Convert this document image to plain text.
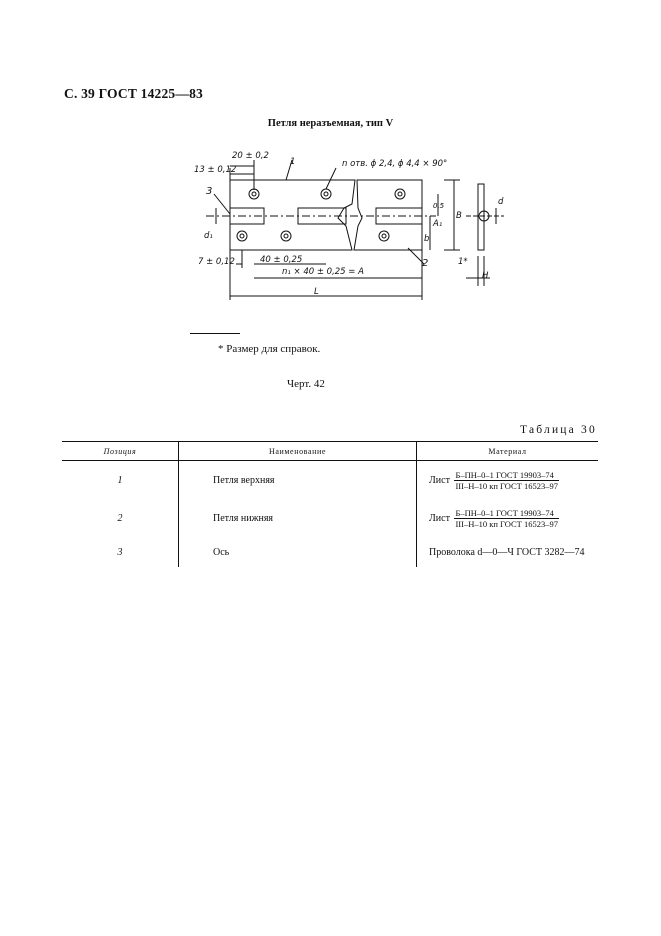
С. 39 ГОСТ 14225—83
Петля неразъемная, тип V
20 ± 0,2
13 ± 0,12
1	n отв. ϕ 2,4, ϕ 4,4 × 90°
3
d₁
0,5
A₁
B
b
d
7 ± 0,12	40 ± 0,25	2	1*
H
n₁ × 40 ± 0,25 = A
L
* Размер для справок.
Черт. 42
Таблица 30
Позиция	Наименование	Материал
1	Петля верхняя	Лист $\frac{\text{Б–ПН–0–1 ГОСТ 19903–74}}{\text{III–Н–10 кп ГОСТ 16523–97}}$

2	Петля нижняя	Лист $\frac{\text{Б–ПН–0–1 ГОСТ 19903–74}}{\text{III–Н–10 кп ГОСТ 16523–97}}$

3	Ось	Проволока d—0—Ч ГОСТ 3282—74
